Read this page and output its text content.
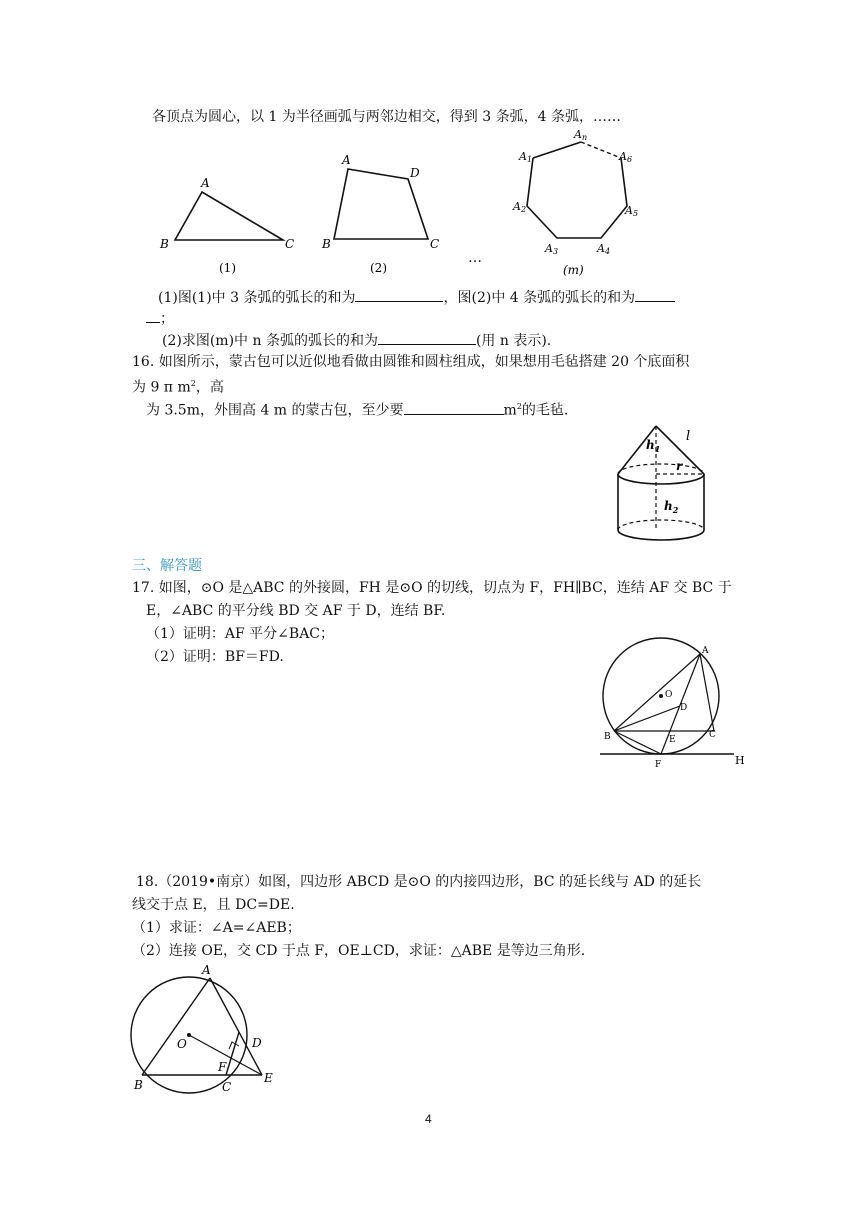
各顶点为圆心，以 1 为半径画弧与两邻边相交，得到 3 条弧，4 条弧，……
A
B	C
(1)
A
B	C
D
(2)
…
An
A1
A2
A3	A4
A5
A6
(m)
(1)图(1)中 3 条弧的弧长的和为	，图(2)中 4 条弧的弧长的和为
；
(2)求图(m)中 n 条弧的弧长的和为	(用 n 表示).
16. 如图所示，蒙古包可以近似地看做由圆锥和圆柱组成，如果想用毛毡搭建 20 个底面积
为 9 π $m^2$，高
为 3.5m，外围高 4 m 的蒙古包，至少要	$m^2$的毛毡.
$h_1$
l
r
$h_2$
三、解答题
17. 如图，⊙O 是△ABC 的外接圆，FH 是⊙O 的切线，切点为 F，FH∥BC，连结 AF 交 BC 于
E，∠ABC 的平分线 BD 交 AF 于 D，连结 BF.
（1）证明：AF 平分∠BAC；
（2）证明：BF＝FD.	A
O
D
B	E	C
F	H
18.（2019•南京）如图，四边形 ABCD 是⊙O 的内接四边形，BC 的延长线与 AD 的延长
线交于点 E，且 DC=DE.
（1）求证：∠A=∠AEB；
（2）连接 OE，交 CD 于点 F，OE⊥CD，求证：△ABE 是等边三角形.
A
O	D
F
B	C
E
4
